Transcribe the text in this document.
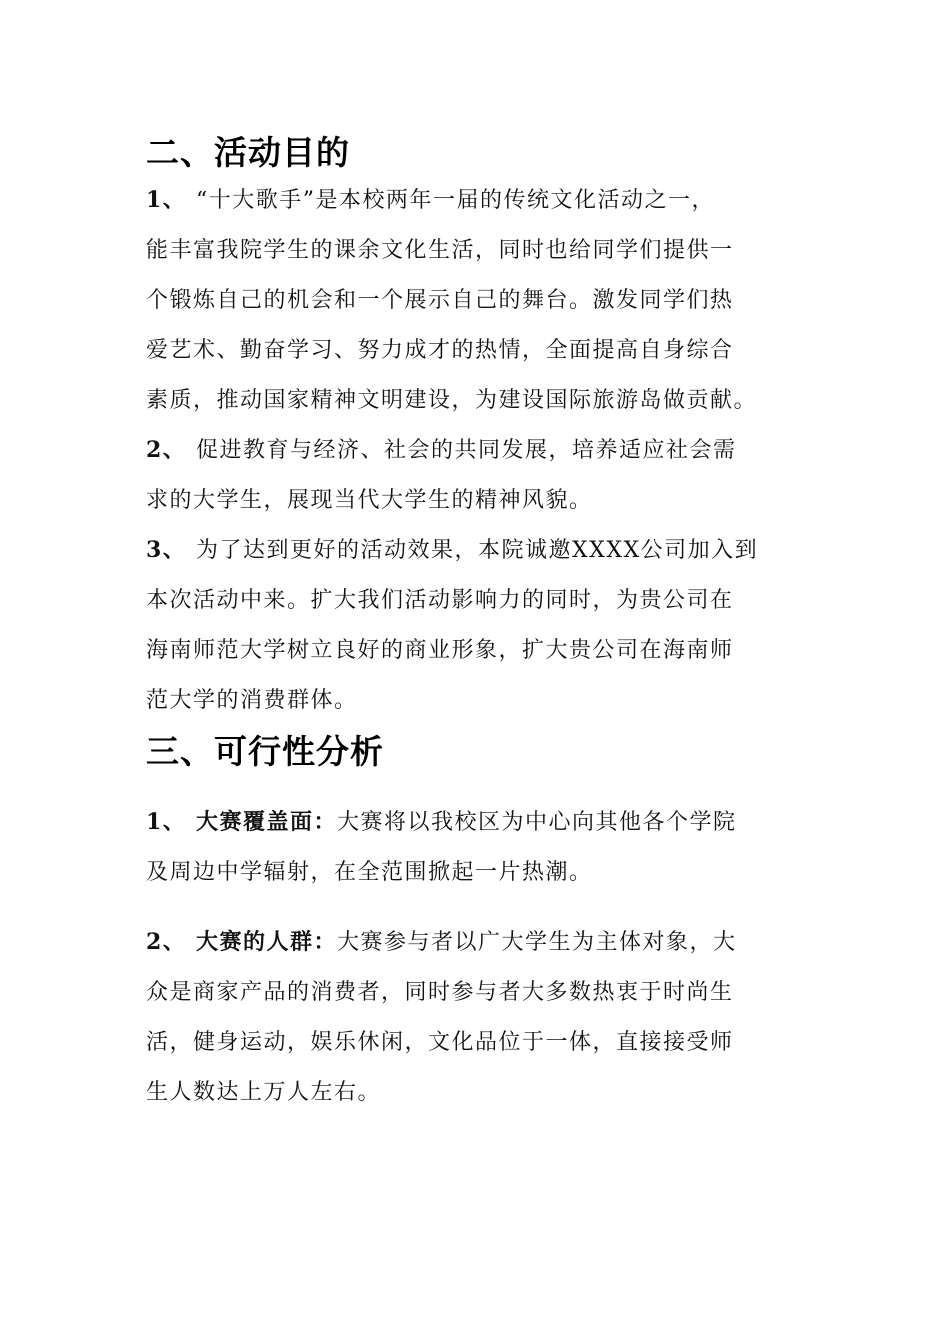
二、活动目的
1、 “十大歌手”是本校两年一届的传统文化活动之一，
能丰富我院学生的课余文化生活，同时也给同学们提供一
个锻炼自己的机会和一个展示自己的舞台。激发同学们热
爱艺术、勤奋学习、努力成才的热情，全面提高自身综合
素质，推动国家精神文明建设，为建设国际旅游岛做贡献。
2、 促进教育与经济、社会的共同发展，培养适应社会需
求的大学生，展现当代大学生的精神风貌。
3、 为了达到更好的活动效果，本院诚邀XXXX公司加入到
本次活动中来。扩大我们活动影响力的同时，为贵公司在
海南师范大学树立良好的商业形象，扩大贵公司在海南师
范大学的消费群体。
三、可行性分析
1、 大赛覆盖面：大赛将以我校区为中心向其他各个学院
及周边中学辐射，在全范围掀起一片热潮。
2、 大赛的人群：大赛参与者以广大学生为主体对象，大
众是商家产品的消费者，同时参与者大多数热衷于时尚生
活，健身运动，娱乐休闲，文化品位于一体，直接接受师
生人数达上万人左右。
